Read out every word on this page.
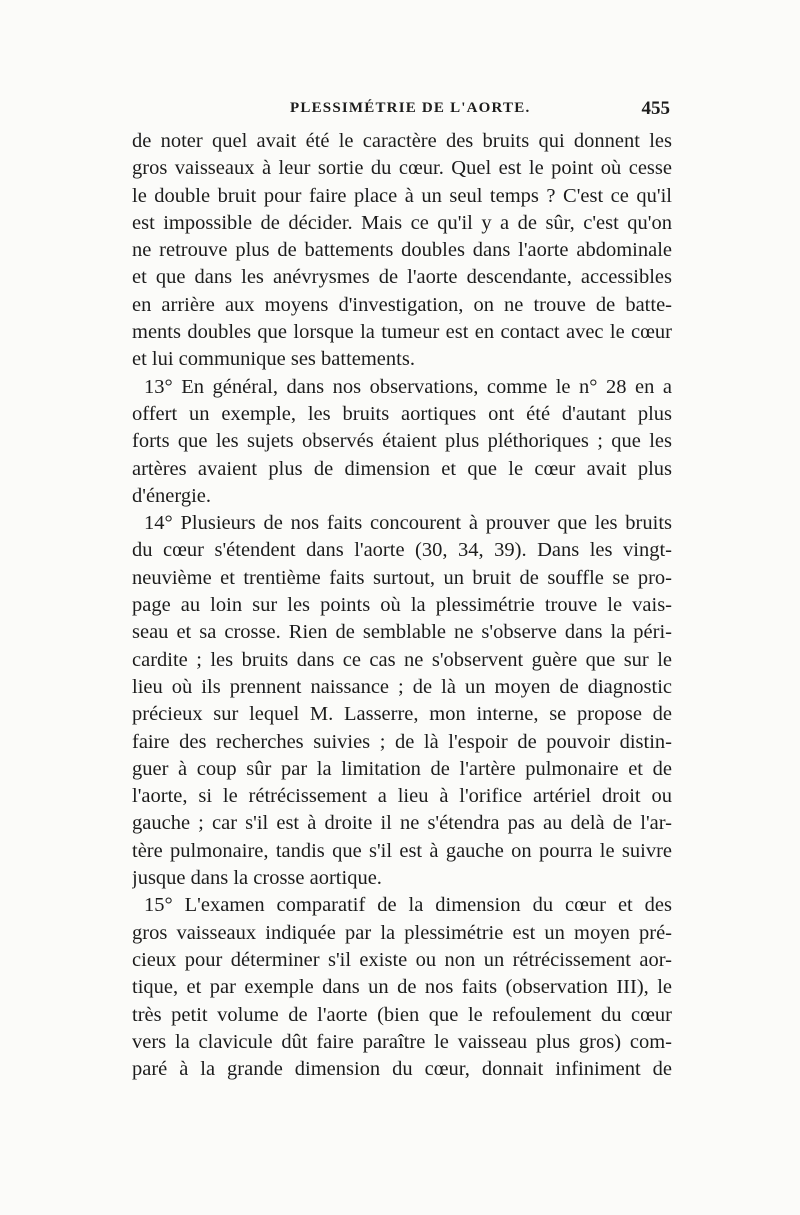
PLESSIMÉTRIE DE L'AORTE.	455
de noter quel avait été le caractère des bruits qui donnent les
gros vaisseaux à leur sortie du cœur. Quel est le point où cesse
le double bruit pour faire place à un seul temps ? C'est ce qu'il
est impossible de décider. Mais ce qu'il y a de sûr, c'est qu'on
ne retrouve plus de battements doubles dans l'aorte abdominale
et que dans les anévrysmes de l'aorte descendante, accessibles
en arrière aux moyens d'investigation, on ne trouve de batte-
ments doubles que lorsque la tumeur est en contact avec le cœur
et lui communique ses battements.
13° En général, dans nos observations, comme le n° 28 en a
offert un exemple, les bruits aortiques ont été d'autant plus
forts que les sujets observés étaient plus pléthoriques ; que les
artères avaient plus de dimension et que le cœur avait plus
d'énergie.
14° Plusieurs de nos faits concourent à prouver que les bruits
du cœur s'étendent dans l'aorte (30, 34, 39). Dans les vingt-
neuvième et trentième faits surtout, un bruit de souffle se pro-
page au loin sur les points où la plessimétrie trouve le vais-
seau et sa crosse. Rien de semblable ne s'observe dans la péri-
cardite ; les bruits dans ce cas ne s'observent guère que sur le
lieu où ils prennent naissance ; de là un moyen de diagnostic
précieux sur lequel M. Lasserre, mon interne, se propose de
faire des recherches suivies ; de là l'espoir de pouvoir distin-
guer à coup sûr par la limitation de l'artère pulmonaire et de
l'aorte, si le rétrécissement a lieu à l'orifice artériel droit ou
gauche ; car s'il est à droite il ne s'étendra pas au delà de l'ar-
tère pulmonaire, tandis que s'il est à gauche on pourra le suivre
jusque dans la crosse aortique.
15° L'examen comparatif de la dimension du cœur et des
gros vaisseaux indiquée par la plessimétrie est un moyen pré-
cieux pour déterminer s'il existe ou non un rétrécissement aor-
tique, et par exemple dans un de nos faits (observation III), le
très petit volume de l'aorte (bien que le refoulement du cœur
vers la clavicule dût faire paraître le vaisseau plus gros) com-
paré à la grande dimension du cœur, donnait infiniment de
